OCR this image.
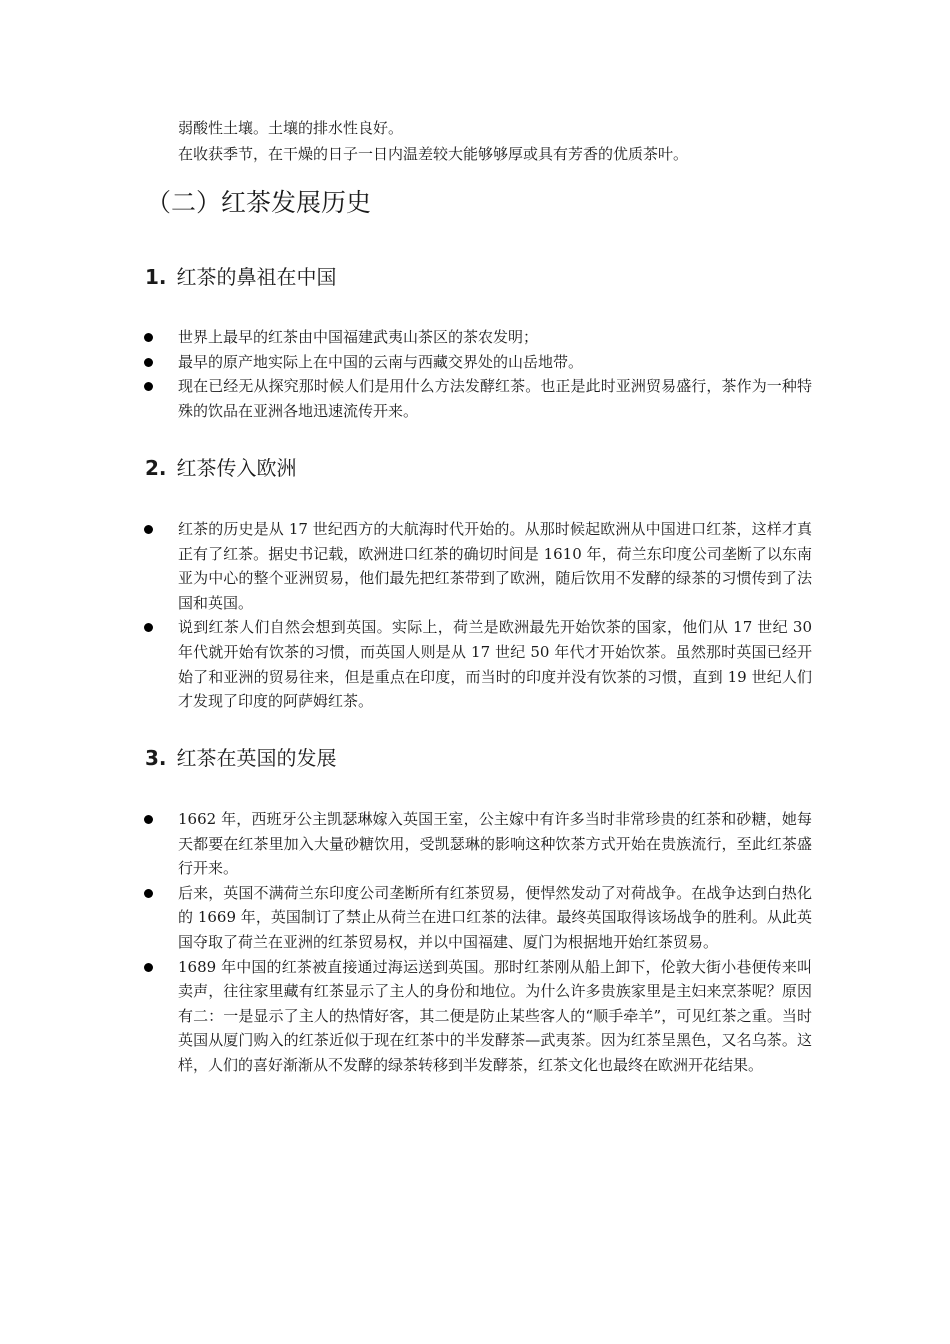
弱酸性土壤。土壤的排水性良好。
在收获季节，在干燥的日子一日内温差较大能够够厚或具有芳香的优质茶叶。
（二）红茶发展历史
1. 红茶的鼻祖在中国
世界上最早的红茶由中国福建武夷山茶区的茶农发明；
最早的原产地实际上在中国的云南与西藏交界处的山岳地带。
现在已经无从探究那时候人们是用什么方法发酵红茶。也正是此时亚洲贸易盛行，茶作为一种特殊的饮品在亚洲各地迅速流传开来。
2. 红茶传入欧洲
红茶的历史是从 17 世纪西方的大航海时代开始的。从那时候起欧洲从中国进口红茶，这样才真正有了红茶。据史书记载，欧洲进口红茶的确切时间是 1610 年，荷兰东印度公司垄断了以东南亚为中心的整个亚洲贸易，他们最先把红茶带到了欧洲，随后饮用不发酵的绿茶的习惯传到了法国和英国。
说到红茶人们自然会想到英国。实际上，荷兰是欧洲最先开始饮茶的国家，他们从 17 世纪 30 年代就开始有饮茶的习惯，而英国人则是从 17 世纪 50 年代才开始饮茶。虽然那时英国已经开始了和亚洲的贸易往来，但是重点在印度，而当时的印度并没有饮茶的习惯，直到 19 世纪人们才发现了印度的阿萨姆红茶。
3. 红茶在英国的发展
1662 年，西班牙公主凯瑟琳嫁入英国王室，公主嫁中有许多当时非常珍贵的红茶和砂糖，她每天都要在红茶里加入大量砂糖饮用，受凯瑟琳的影响这种饮茶方式开始在贵族流行，至此红茶盛行开来。
后来，英国不满荷兰东印度公司垄断所有红茶贸易，便悍然发动了对荷战争。在战争达到白热化的 1669 年，英国制订了禁止从荷兰在进口红茶的法律。最终英国取得该场战争的胜利。从此英国夺取了荷兰在亚洲的红茶贸易权，并以中国福建、厦门为根据地开始红茶贸易。
1689 年中国的红茶被直接通过海运送到英国。那时红茶刚从船上卸下，伦敦大街小巷便传来叫卖声，往往家里藏有红茶显示了主人的身份和地位。为什么许多贵族家里是主妇来烹茶呢？原因有二：一是显示了主人的热情好客，其二便是防止某些客人的“顺手牵羊”，可见红茶之重。当时英国从厦门购入的红茶近似于现在红茶中的半发酵茶—武夷茶。因为红茶呈黑色，又名乌茶。这样，人们的喜好渐渐从不发酵的绿茶转移到半发酵茶，红茶文化也最终在欧洲开花结果。
